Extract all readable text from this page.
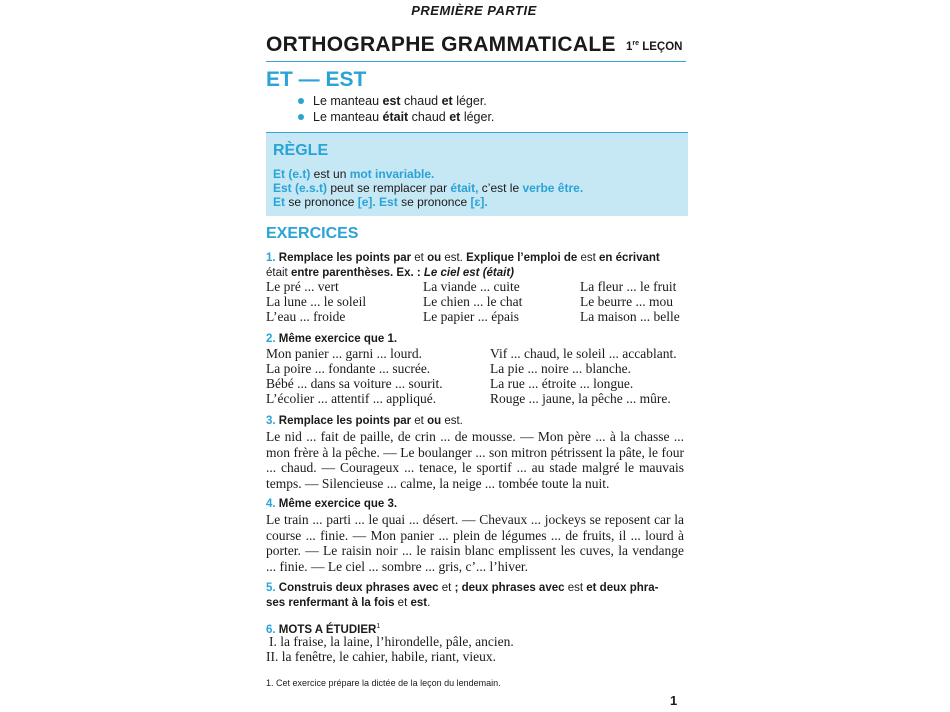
PREMIÈRE PARTIE
ORTHOGRAPHE GRAMMATICALE 1re LEÇON
ET — EST
Le manteau est chaud et léger.
Le manteau était chaud et léger.
RÈGLE
Et (e.t) est un mot invariable.
Est (e.s.t) peut se remplacer par était, c’est le verbe être.
Et se prononce [e]. Est se prononce [ɛ].
EXERCICES
1. Remplace les points par et ou est. Explique l’emploi de est en écrivant
était entre parenthèses. Ex. : Le ciel est (était)
Le pré ... vert
La lune ... le soleil
L’eau ... froide
La viande ... cuite
Le chien ... le chat
Le papier ... épais
La fleur ... le fruit
Le beurre ... mou
La maison ... belle
2. Même exercice que 1.
Mon panier ... garni ... lourd.
La poire ... fondante ... sucrée.
Bébé ... dans sa voiture ... sourit.
L’écolier ... attentif ... appliqué.
Vif ... chaud, le soleil ... accablant.
La pie ... noire ... blanche.
La rue ... étroite ... longue.
Rouge ... jaune, la pêche ... mûre.
3. Remplace les points par et ou est.
Le nid ... fait de paille, de crin ... de mousse. — Mon père ... à la chasse ... mon frère à la pêche. — Le boulanger ... son mitron pétrissent la pâte, le four ... chaud. — Courageux ... tenace, le sportif ... au stade malgré le mauvais temps. — Silencieuse ... calme, la neige ... tombée toute la nuit.
4. Même exercice que 3.
Le train ... parti ... le quai ... désert. — Chevaux ... jockeys se reposent car la course ... finie. — Mon panier ... plein de légumes ... de fruits, il ... lourd à porter. — Le raisin noir ... le raisin blanc emplissent les cuves, la vendange ... finie. — Le ciel ... sombre ... gris, c’... l’hiver.
5. Construis deux phrases avec et ; deux phrases avec est et deux phra-
ses renfermant à la fois et est.
6. MOTS A ÉTUDIER$^1$
I. la fraise, la laine, l’hirondelle, pâle, ancien.
II. la fenêtre, le cahier, habile, riant, vieux.
1. Cet exercice prépare la dictée de la leçon du lendemain.
1
